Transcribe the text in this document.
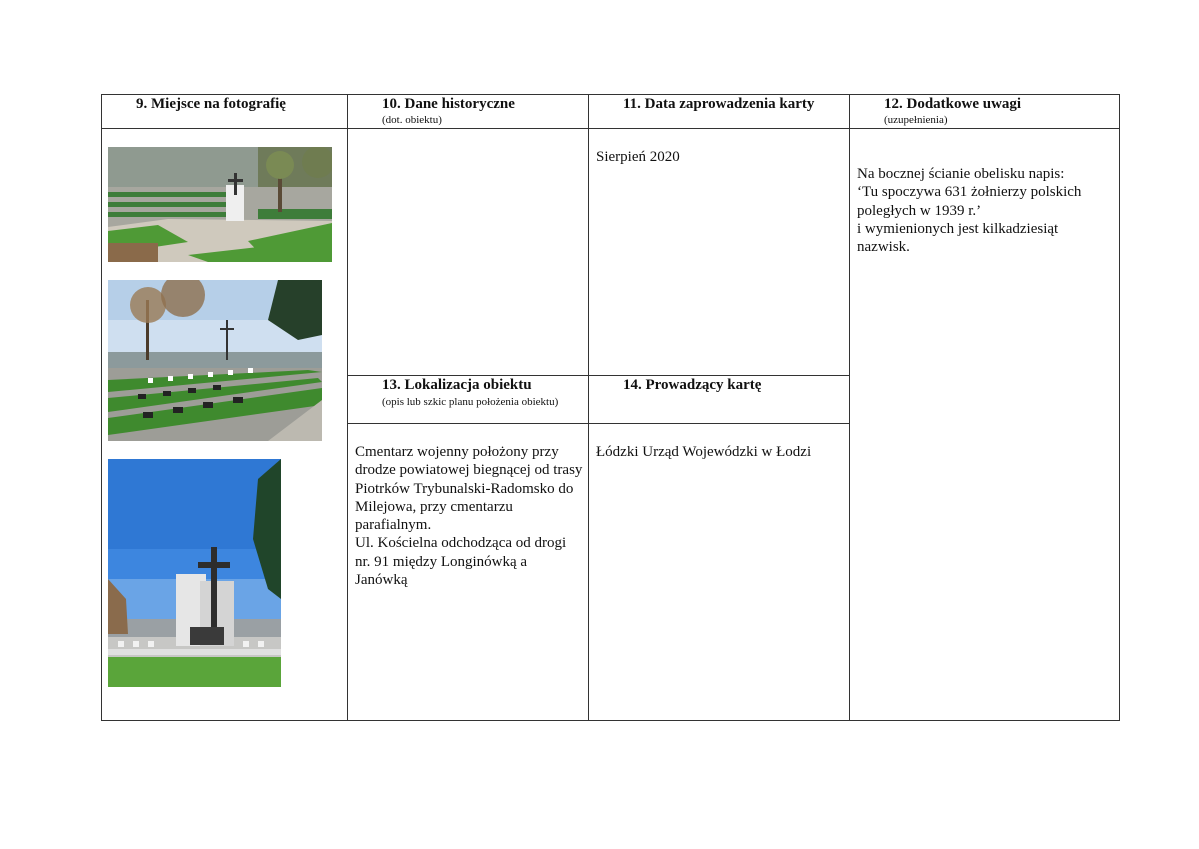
9. Miejsce na fotografię	10. Dane historyczne
(dot. obiektu)
11. Data zaprowadzenia karty	12. Dodatkowe uwagi
(uzupełnienia)
13. Lokalizacja obiektu
(opis lub szkic planu położenia obiektu)
14. Prowadzący kartę
Sierpień 2020
Na bocznej ścianie obelisku napis:
‘Tu spoczywa 631 żołnierzy polskich poległych w 1939 r.’
i wymienionych jest kilkadziesiąt nazwisk.
Cmentarz wojenny położony przy drodze powiatowej biegnącej od trasy Piotrków Trybunalski-Radomsko do Milejowa, przy cmentarzu parafialnym.
Ul. Kościelna odchodząca od drogi nr. 91 między Longinówką a Janówką
Łódzki Urząd Wojewódzki w Łodzi
